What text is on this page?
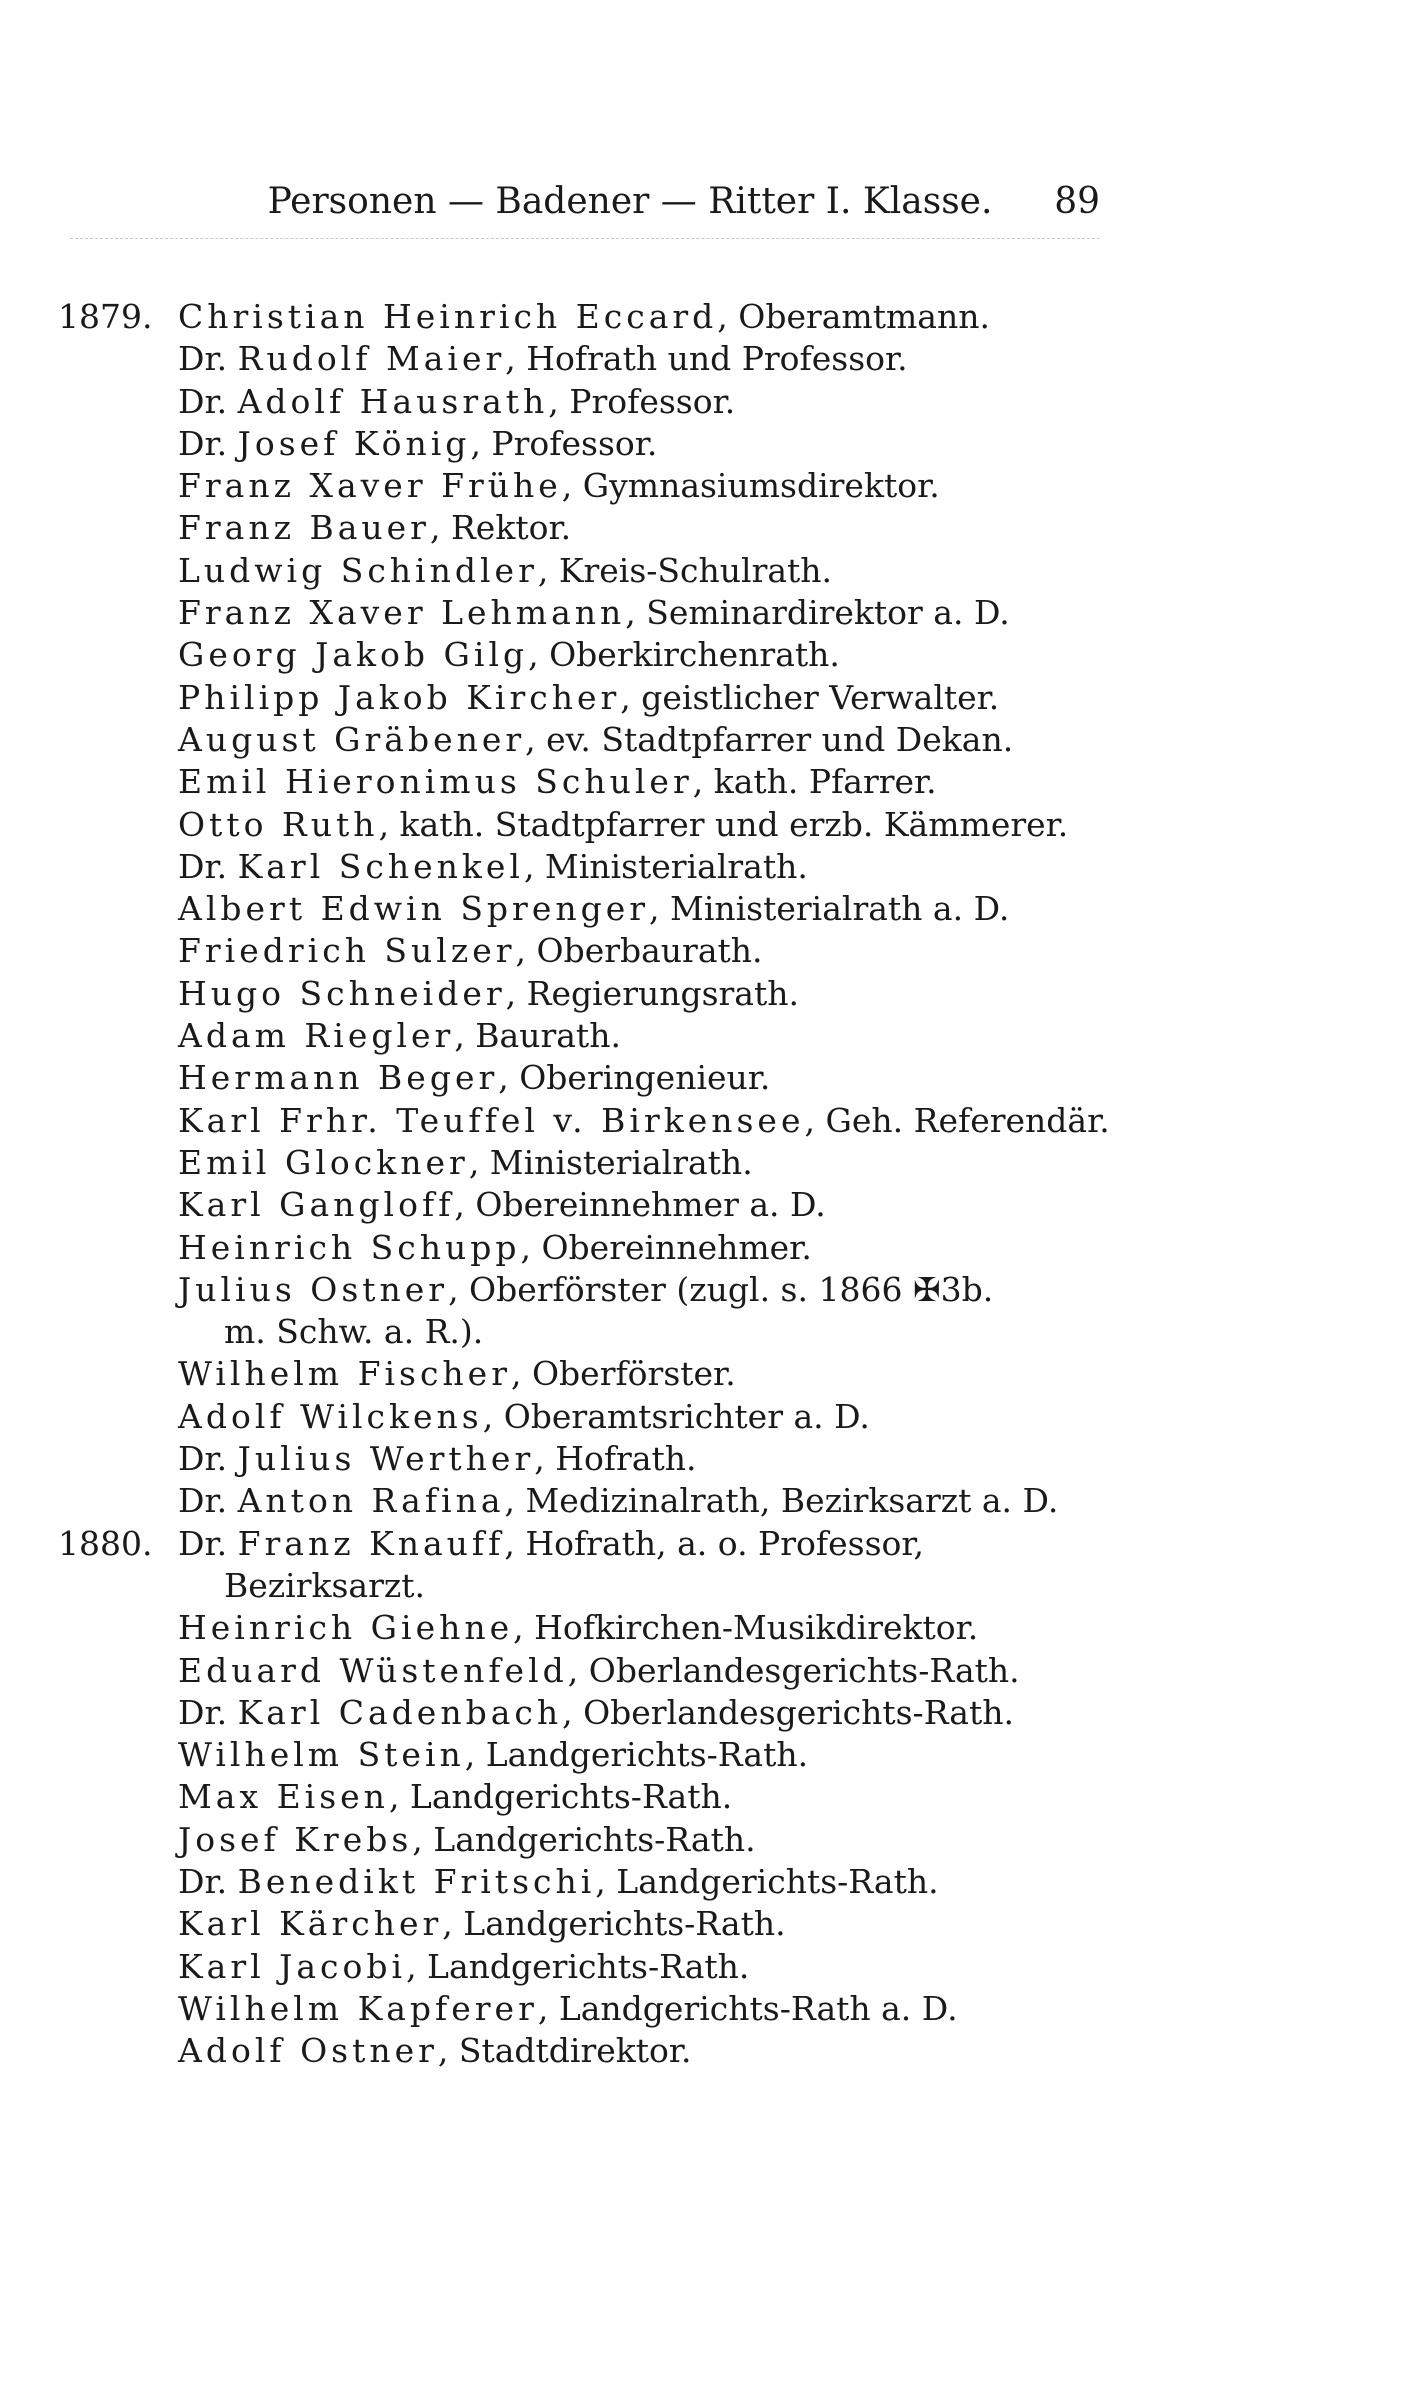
Personen — Badener — Ritter I. Klasse.	89
1879. Christian Heinrich Eccard, Oberamtmann.
Dr. Rudolf Maier, Hofrath und Professor.
Dr. Adolf Hausrath, Professor.
Dr. Josef König, Professor.
Franz Xaver Frühe, Gymnasiumsdirektor.
Franz Bauer, Rektor.
Ludwig Schindler, Kreis-Schulrath.
Franz Xaver Lehmann, Seminardirektor a. D.
Georg Jakob Gilg, Oberkirchenrath.
Philipp Jakob Kircher, geistlicher Verwalter.
August Gräbener, ev. Stadtpfarrer und Dekan.
Emil Hieronimus Schuler, kath. Pfarrer.
Otto Ruth, kath. Stadtpfarrer und erzb. Kämmerer.
Dr. Karl Schenkel, Ministerialrath.
Albert Edwin Sprenger, Ministerialrath a. D.
Friedrich Sulzer, Oberbaurath.
Hugo Schneider, Regierungsrath.
Adam Riegler, Baurath.
Hermann Beger, Oberingenieur.
Karl Frhr. Teuffel v. Birkensee, Geh. Referendär.
Emil Glockner, Ministerialrath.
Karl Gangloff, Obereinnehmer a. D.
Heinrich Schupp, Obereinnehmer.
Julius Ostner, Oberförster (zugl. s. 1866 ✠3b.
m. Schw. a. R.).
Wilhelm Fischer, Oberförster.
Adolf Wilckens, Oberamtsrichter a. D.
Dr. Julius Werther, Hofrath.
Dr. Anton Rafina, Medizinalrath, Bezirksarzt a. D.
1880. Dr. Franz Knauff, Hofrath, a. o. Professor,
Bezirksarzt.
Heinrich Giehne, Hofkirchen-Musikdirektor.
Eduard Wüstenfeld, Oberlandesgerichts-Rath.
Dr. Karl Cadenbach, Oberlandesgerichts-Rath.
Wilhelm Stein, Landgerichts-Rath.
Max Eisen, Landgerichts-Rath.
Josef Krebs, Landgerichts-Rath.
Dr. Benedikt Fritschi, Landgerichts-Rath.
Karl Kärcher, Landgerichts-Rath.
Karl Jacobi, Landgerichts-Rath.
Wilhelm Kapferer, Landgerichts-Rath a. D.
Adolf Ostner, Stadtdirektor.
